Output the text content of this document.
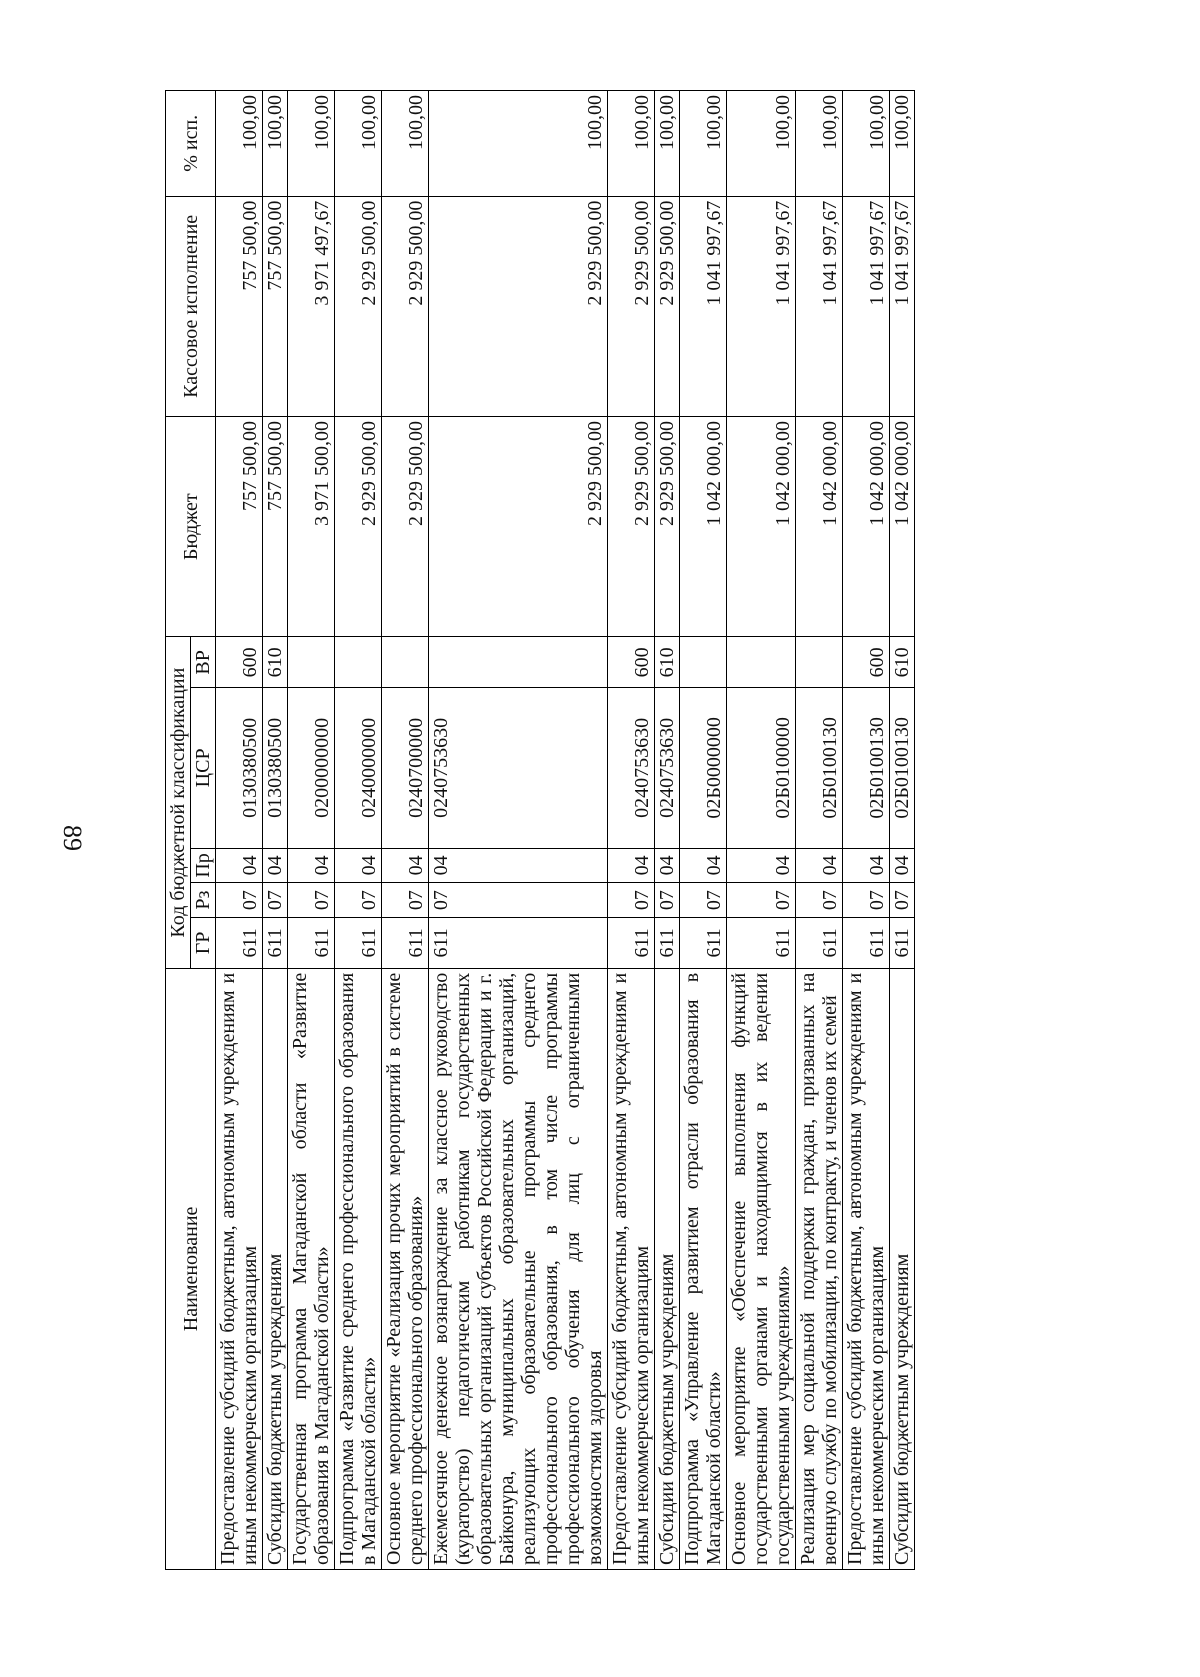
89
Наименование	Код бюджетной классификации					Бюджет	Кассовое исполнение	% исп.
	ГР	Рз	Пр	ЦСР	ВР			
Предоставление субсидий бюджетным, автономным учреждениям и иным некоммерческим организациям	611	07	04	0130380500	600	757 500,00	757 500,00	100,00
Субсидии бюджетным учреждениям	611	07	04	0130380500	610	757 500,00	757 500,00	100,00
Государственная программа Магаданской области «Развитие образования в Магаданской области»	611	07	04	0200000000		3 971 500,00	3 971 497,67	100,00
Подпрограмма «Развитие среднего профессионального образования в Магаданской области»	611	07	04	0240000000		2 929 500,00	2 929 500,00	100,00
Основное мероприятие «Реализация прочих мероприятий в системе среднего профессионального образования»	611	07	04	0240700000		2 929 500,00	2 929 500,00	100,00
Ежемесячное денежное вознаграждение за классное руководство (кураторство) педагогическим работникам государственных образовательных организаций субъектов Российской Федерации и г. Байконура, муниципальных образовательных организаций, реализующих образовательные программы среднего профессионального образования, в том числе программы профессионального обучения для лиц с ограниченными возможностями здоровья	611	07	04	0240753630		2 929 500,00	2 929 500,00	100,00
Предоставление субсидий бюджетным, автономным учреждениям и иным некоммерческим организациям	611	07	04	0240753630	600	2 929 500,00	2 929 500,00	100,00
Субсидии бюджетным учреждениям	611	07	04	0240753630	610	2 929 500,00	2 929 500,00	100,00
Подпрограмма «Управление развитием отрасли образования в Магаданской области»	611	07	04	02Б0000000		1 042 000,00	1 041 997,67	100,00
Основное мероприятие «Обеспечение выполнения функций государственными органами и находящимися в их ведении государственными учреждениями»	611	07	04	02Б0100000		1 042 000,00	1 041 997,67	100,00
Реализация мер социальной поддержки граждан, призванных на военную службу по мобилизации, по контракту, и членов их семей	611	07	04	02Б0100130		1 042 000,00	1 041 997,67	100,00
Предоставление субсидий бюджетным, автономным учреждениям и иным некоммерческим организациям	611	07	04	02Б0100130	600	1 042 000,00	1 041 997,67	100,00
Субсидии бюджетным учреждениям	611	07	04	02Б0100130	610	1 042 000,00	1 041 997,67	100,00
